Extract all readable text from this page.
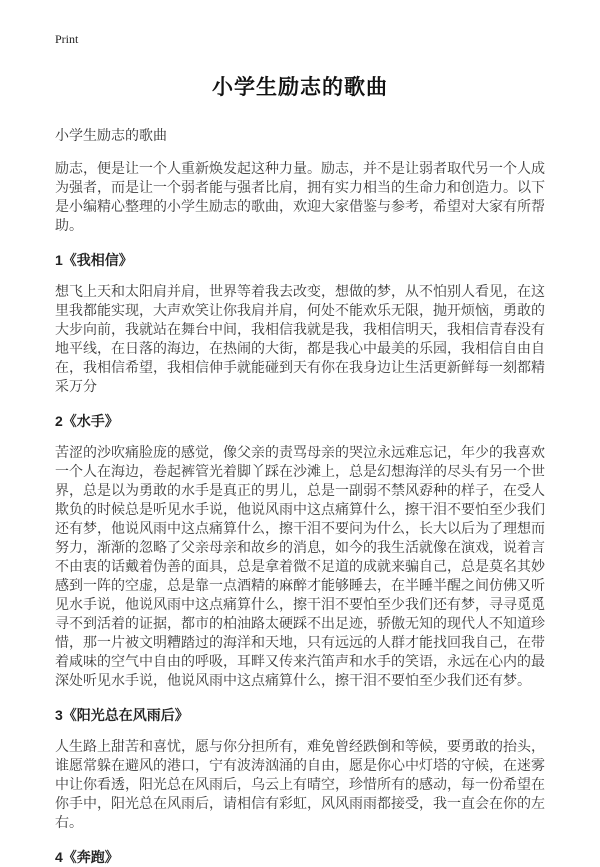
Print
小学生励志的歌曲

小学生励志的歌曲

励志，便是让一个人重新焕发起这种力量。励志，并不是让弱者取代另一个人成为强者，而是让一个弱者能与强者比肩，拥有实力相当的生命力和创造力。以下是小编精心整理的小学生励志的歌曲，欢迎大家借鉴与参考，希望对大家有所帮助。

1《我相信》

想飞上天和太阳肩并肩，世界等着我去改变，想做的梦，从不怕别人看见，在这里我都能实现，大声欢笑让你我肩并肩，何处不能欢乐无限，抛开烦恼，勇敢的大步向前，我就站在舞台中间，我相信我就是我，我相信明天，我相信青春没有地平线，在日落的海边，在热闹的大街，都是我心中最美的乐园，我相信自由自在，我相信希望，我相信伸手就能碰到天有你在我身边让生活更新鲜每一刻都精采万分

2《水手》

苦涩的沙吹痛脸庞的感觉，像父亲的责骂母亲的哭泣永远难忘记，年少的我喜欢一个人在海边，卷起裤管光着脚丫踩在沙滩上，总是幻想海洋的尽头有另一个世界，总是以为勇敢的水手是真正的男儿，总是一副弱不禁风孬种的样子，在受人欺负的时候总是听见水手说，他说风雨中这点痛算什么，擦干泪不要怕至少我们还有梦，他说风雨中这点痛算什么，擦干泪不要问为什么，长大以后为了理想而努力，渐渐的忽略了父亲母亲和故乡的消息，如今的我生活就像在演戏，说着言不由衷的话戴着伪善的面具，总是拿着微不足道的成就来骗自己，总是莫名其妙感到一阵的空虚，总是靠一点酒精的麻醉才能够睡去，在半睡半醒之间仿佛又听见水手说，他说风雨中这点痛算什么，擦干泪不要怕至少我们还有梦，寻寻觅觅寻不到活着的证据，都市的柏油路太硬踩不出足迹，骄傲无知的现代人不知道珍惜，那一片被文明糟踏过的海洋和天地，只有远远的人群才能找回我自己，在带着咸味的空气中自由的呼吸，耳畔又传来汽笛声和水手的笑语，永远在心内的最深处听见水手说，他说风雨中这点痛算什么，擦干泪不要怕至少我们还有梦。

3《阳光总在风雨后》

人生路上甜苦和喜忧，愿与你分担所有，难免曾经跌倒和等候，要勇敢的抬头，谁愿常躲在避风的港口，宁有波涛汹涌的自由，愿是你心中灯塔的守候，在迷雾中让你看透，阳光总在风雨后，乌云上有晴空，珍惜所有的感动，每一份希望在你手中，阳光总在风雨后，请相信有彩虹，风风雨雨都接受，我一直会在你的左右。

4《奔跑》
